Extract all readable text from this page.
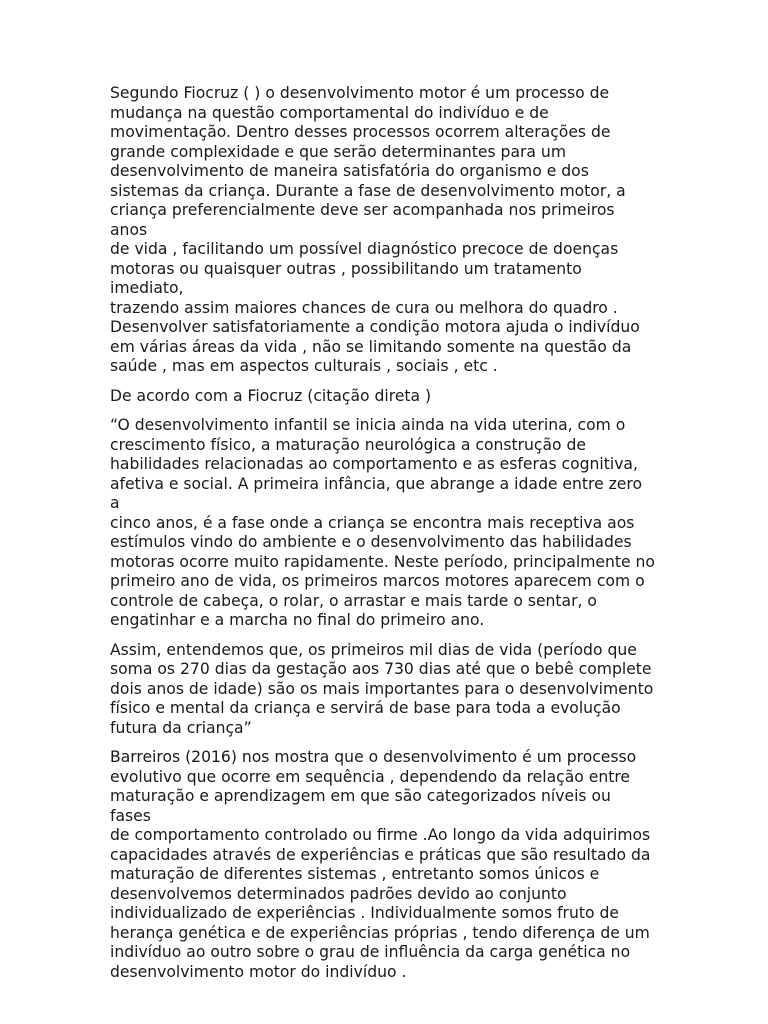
Segundo Fiocruz ( ) o desenvolvimento motor é um processo de
mudança na questão comportamental do indivíduo e de
movimentação. Dentro desses processos ocorrem alterações de
grande complexidade e que serão determinantes para um
desenvolvimento de maneira satisfatória do organismo e dos
sistemas da criança. Durante a fase de desenvolvimento motor, a
criança preferencialmente deve ser acompanhada nos primeiros anos
de vida , facilitando um possível diagnóstico precoce de doenças
motoras ou quaisquer outras , possibilitando um tratamento imediato,
trazendo assim maiores chances de cura ou melhora do quadro .
Desenvolver satisfatoriamente a condição motora ajuda o indivíduo
em várias áreas da vida , não se limitando somente na questão da
saúde , mas em aspectos culturais , sociais , etc .

De acordo com a Fiocruz (citação direta )

“O desenvolvimento infantil se inicia ainda na vida uterina, com o
crescimento físico, a maturação neurológica a construção de
habilidades relacionadas ao comportamento e as esferas cognitiva,
afetiva e social. A primeira infância, que abrange a idade entre zero a
cinco anos, é a fase onde a criança se encontra mais receptiva aos
estímulos vindo do ambiente e o desenvolvimento das habilidades
motoras ocorre muito rapidamente. Neste período, principalmente no
primeiro ano de vida, os primeiros marcos motores aparecem com o
controle de cabeça, o rolar, o arrastar e mais tarde o sentar, o
engatinhar e a marcha no final do primeiro ano.

Assim, entendemos que, os primeiros mil dias de vida (período que
soma os 270 dias da gestação aos 730 dias até que o bebê complete
dois anos de idade) são os mais importantes para o desenvolvimento
físico e mental da criança e servirá de base para toda a evolução
futura da criança”

Barreiros (2016) nos mostra que o desenvolvimento é um processo
evolutivo que ocorre em sequência , dependendo da relação entre
maturação e aprendizagem em que são categorizados níveis ou fases
de comportamento controlado ou firme .Ao longo da vida adquirimos
capacidades através de experiências e práticas que são resultado da
maturação de diferentes sistemas , entretanto somos únicos e
desenvolvemos determinados padrões devido ao conjunto
individualizado de experiências . Individualmente somos fruto de
herança genética e de experiências próprias , tendo diferença de um
indivíduo ao outro sobre o grau de influência da carga genética no
desenvolvimento motor do indivíduo .
